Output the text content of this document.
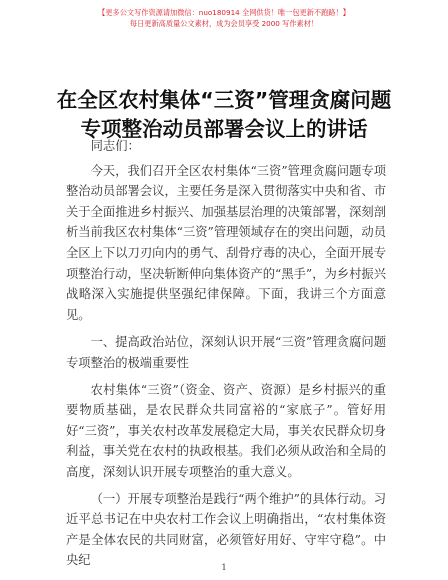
【更多公文写作资源请加微信：nuo180914 全网供货！唯一包更新不跑路！】
每日更新高质量公文素材，成为会员享受 2000 写作素材！
在全区农村集体“三资”管理贪腐问题专项整治动员部署会议上的讲话

同志们：

今天，我们召开全区农村集体“三资”管理贪腐问题专项整治动员部署会议，主要任务是深入贯彻落实中央和省、市关于全面推进乡村振兴、加强基层治理的决策部署，深刻剖析当前我区农村集体“三资”管理领域存在的突出问题，动员全区上下以刀刃向内的勇气、刮骨疗毒的决心，全面开展专项整治行动，坚决斩断伸向集体资产的“黑手”，为乡村振兴战略深入实施提供坚强纪律保障。下面，我讲三个方面意见。

一、提高政治站位，深刻认识开展“三资”管理贪腐问题专项整治的极端重要性

农村集体“三资”（资金、资产、资源）是乡村振兴的重要物质基础，是农民群众共同富裕的“家底子”。管好用好“三资”，事关农村改革发展稳定大局，事关农民群众切身利益，事关党在农村的执政根基。我们必须从政治和全局的高度，深刻认识开展专项整治的重大意义。

（一）开展专项整治是践行“两个维护”的具体行动。习近平总书记在中央农村工作会议上明确指出，“农村集体资产是全体农民的共同财富，必须管好用好、守牢守稳”。中央纪

1
